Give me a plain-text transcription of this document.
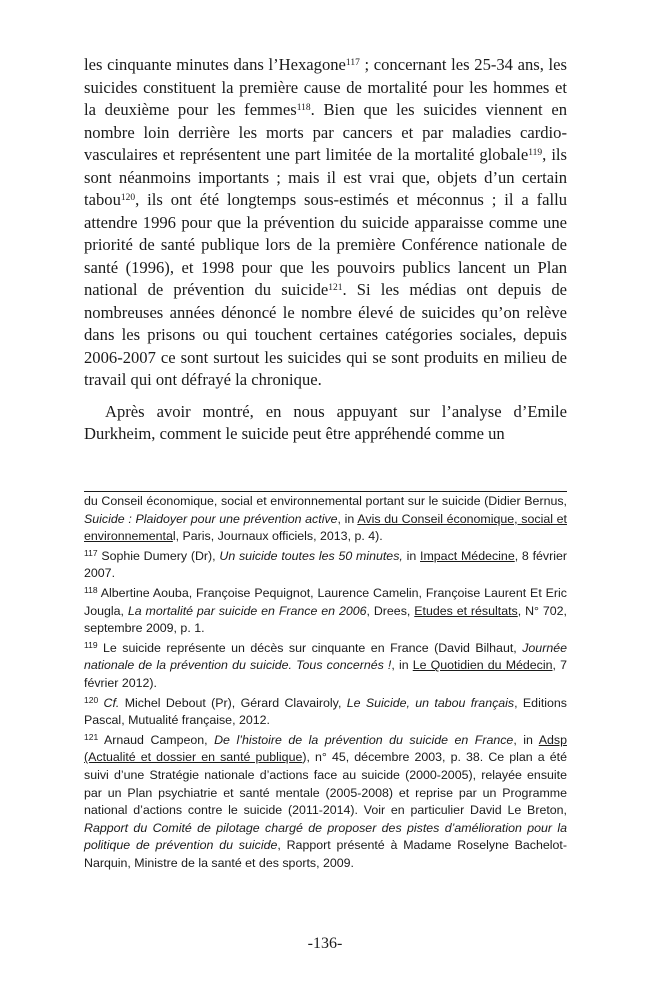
les cinquante minutes dans l’Hexagone$^{117}$ ; concernant les 25-34 ans, les suicides constituent la première cause de mortalité pour les hommes et la deuxième pour les femmes$^{118}$. Bien que les suicides viennent en nombre loin derrière les morts par cancers et par maladies cardio-vasculaires et représentent une part limitée de la mortalité globale$^{119}$, ils sont néanmoins importants ; mais il est vrai que, objets d’un certain tabou$^{120}$, ils ont été longtemps sous-estimés et méconnus ; il a fallu attendre 1996 pour que la prévention du suicide apparaisse comme une priorité de santé publique lors de la première Conférence nationale de santé (1996), et 1998 pour que les pouvoirs publics lancent un Plan national de prévention du suicide$^{121}$. Si les médias ont depuis de nombreuses années dénoncé le nombre élevé de suicides qu’on relève dans les prisons ou qui touchent certaines catégories sociales, depuis 2006-2007 ce sont surtout les suicides qui se sont produits en milieu de travail qui ont défrayé la chronique.

Après avoir montré, en nous appuyant sur l’analyse d’Emile Durkheim, comment le suicide peut être appréhendé comme un

du Conseil économique, social et environnemental portant sur le suicide (Didier Bernus, Suicide : Plaidoyer pour une prévention active, in Avis du Conseil économique, social et environnemental, Paris, Journaux officiels, 2013, p. 4).

$^{117}$ Sophie Dumery (Dr), Un suicide toutes les 50 minutes, in Impact Médecine, 8 février 2007.

$^{118}$ Albertine Aouba, Françoise Pequignot, Laurence Camelin, Françoise Laurent Et Eric Jougla, La mortalité par suicide en France en 2006, Drees, Etudes et résultats, N° 702, septembre 2009, p. 1.

$^{119}$ Le suicide représente un décès sur cinquante en France (David Bilhaut, Journée nationale de la prévention du suicide. Tous concernés !, in Le Quotidien du Médecin, 7 février 2012).

$^{120}$ Cf. Michel Debout (Pr), Gérard Clavairoly, Le Suicide, un tabou français, Editions Pascal, Mutualité française, 2012.

$^{121}$ Arnaud Campeon, De l’histoire de la prévention du suicide en France, in Adsp (Actualité et dossier en santé publique), n° 45, décembre 2003, p. 38. Ce plan a été suivi d’une Stratégie nationale d’actions face au suicide (2000-2005), relayée ensuite par un Plan psychiatrie et santé mentale (2005-2008) et reprise par un Programme national d’actions contre le suicide (2011-2014). Voir en particulier David Le Breton, Rapport du Comité de pilotage chargé de proposer des pistes d’amélioration pour la politique de prévention du suicide, Rapport présenté à Madame Roselyne Bachelot-Narquin, Ministre de la santé et des sports, 2009.

-136-
